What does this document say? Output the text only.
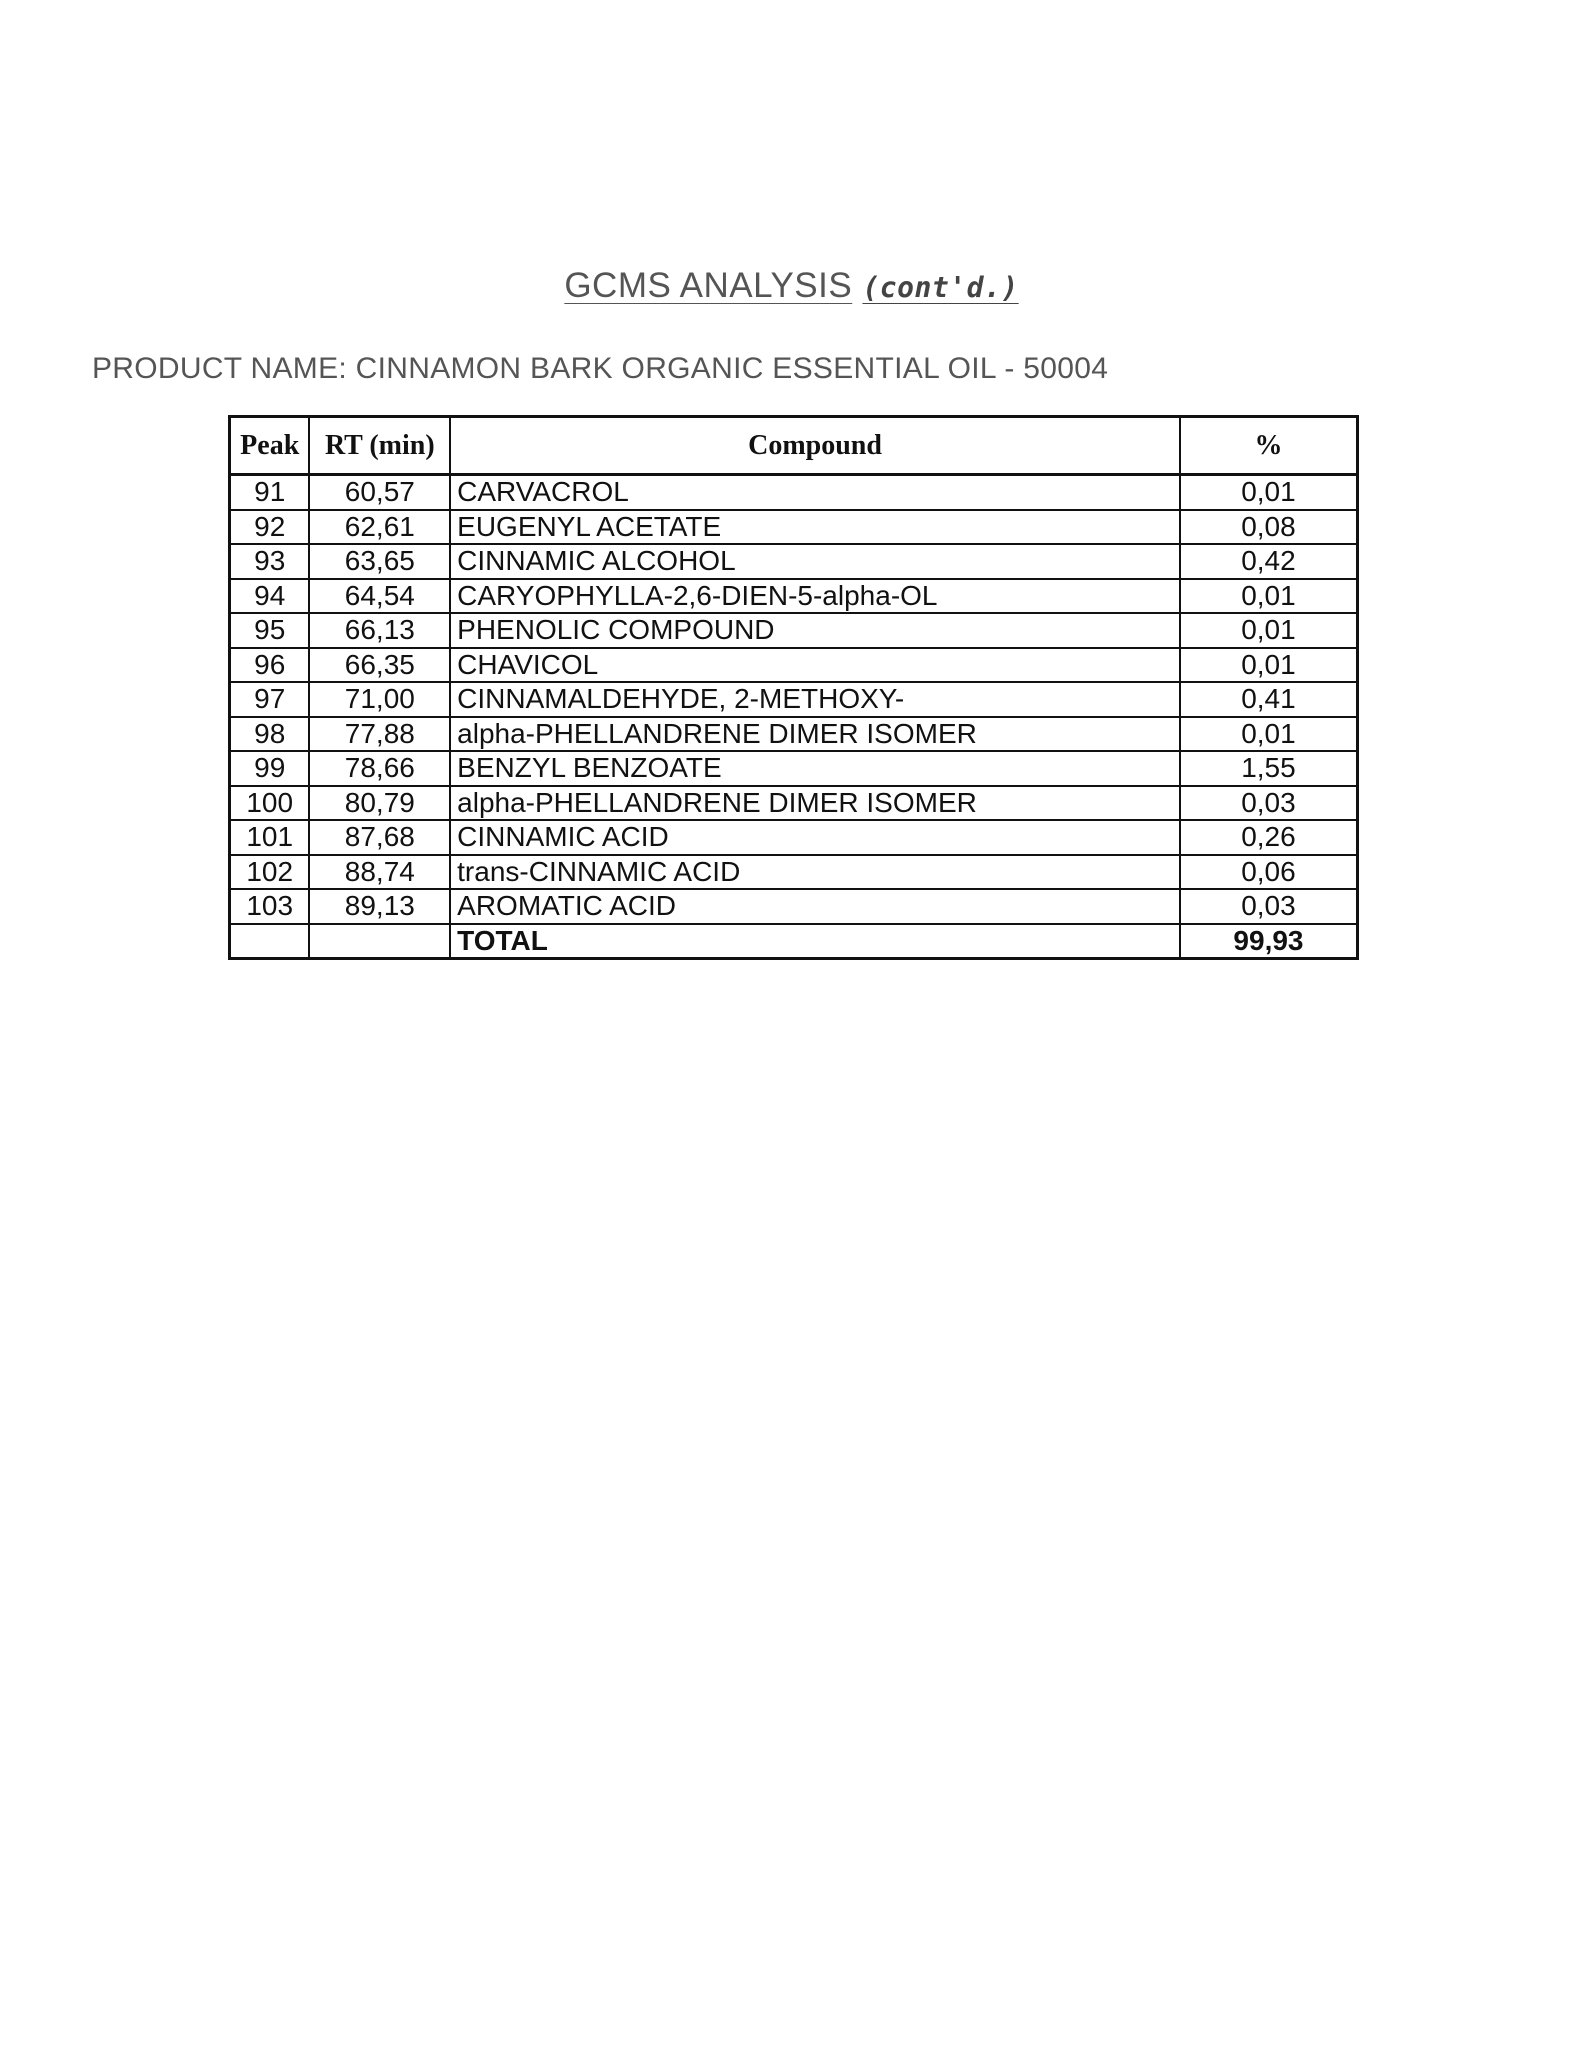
GCMS ANALYSIS (cont'd.)
PRODUCT NAME: CINNAMON BARK ORGANIC ESSENTIAL OIL - 50004
Peak	RT (min)	Compound	%
91	60,57	CARVACROL	0,01
92	62,61	EUGENYL ACETATE	0,08
93	63,65	CINNAMIC ALCOHOL	0,42
94	64,54	CARYOPHYLLA-2,6-DIEN-5-alpha-OL	0,01
95	66,13	PHENOLIC COMPOUND	0,01
96	66,35	CHAVICOL	0,01
97	71,00	CINNAMALDEHYDE, 2-METHOXY-	0,41
98	77,88	alpha-PHELLANDRENE DIMER ISOMER	0,01
99	78,66	BENZYL BENZOATE	1,55
100	80,79	alpha-PHELLANDRENE DIMER ISOMER	0,03
101	87,68	CINNAMIC ACID	0,26
102	88,74	trans-CINNAMIC ACID	0,06
103	89,13	AROMATIC ACID	0,03
		TOTAL	99,93
